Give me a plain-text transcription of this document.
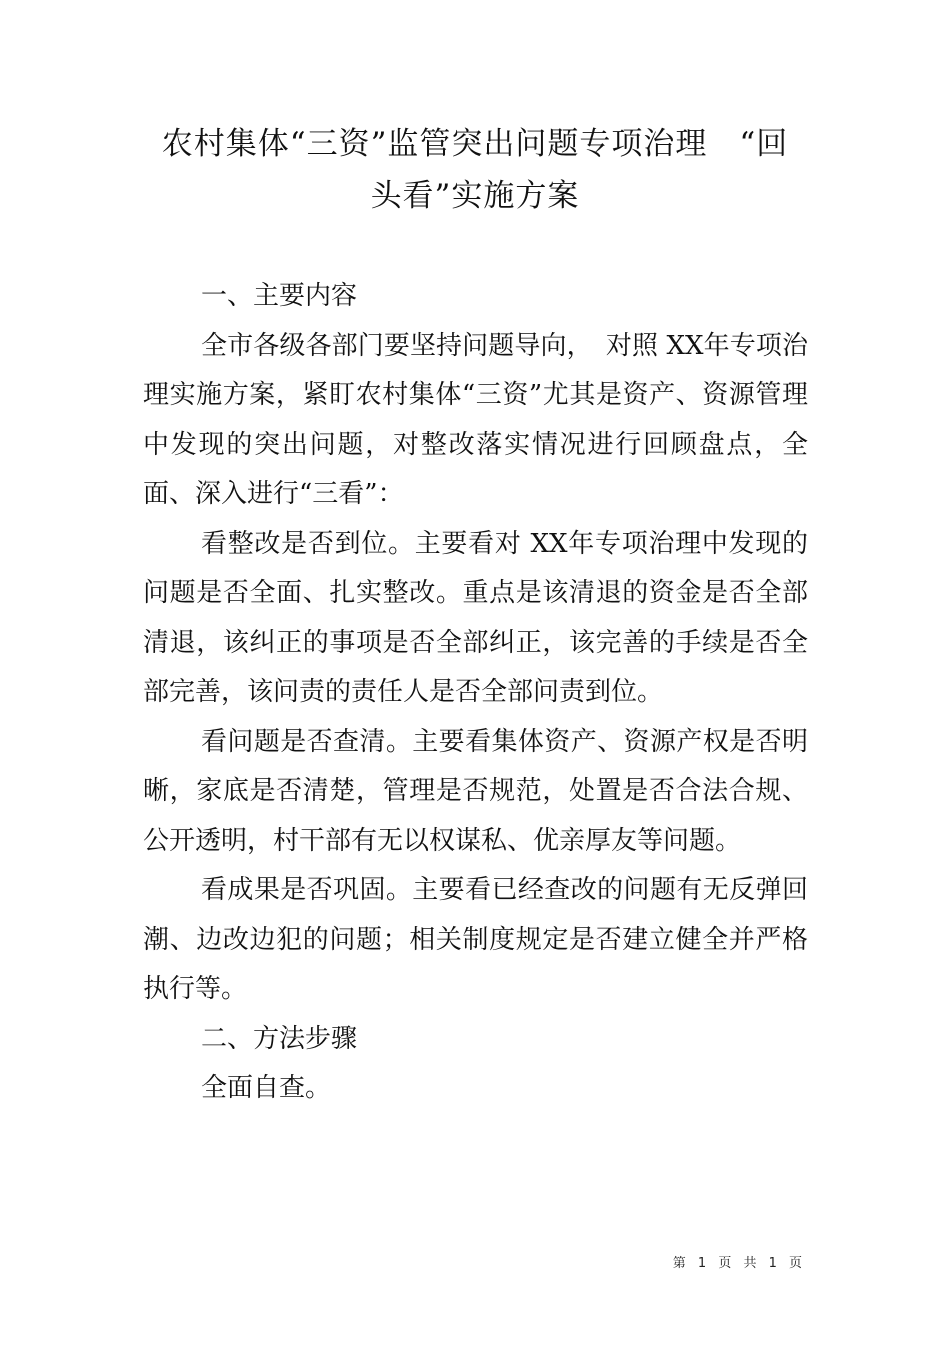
农村集体“三资”监管突出问题专项治理　“回
头看”实施方案

一、主要内容

全市各级各部门要坚持问题导向，　对照 XX年专项治理实施方案，紧盯农村集体“三资”尤其是资产、资源管理中发现的突出问题，对整改落实情况进行回顾盘点，全面、深入进行“三看”：

看整改是否到位。主要看对 XX年专项治理中发现的问题是否全面、扎实整改。重点是该清退的资金是否全部清退，该纠正的事项是否全部纠正，该完善的手续是否全部完善，该问责的责任人是否全部问责到位。

看问题是否查清。主要看集体资产、资源产权是否明晰，家底是否清楚，管理是否规范，处置是否合法合规、公开透明，村干部有无以权谋私、优亲厚友等问题。

看成果是否巩固。主要看已经查改的问题有无反弹回潮、边改边犯的问题；相关制度规定是否建立健全并严格执行等。

二、方法步骤

全面自查。

第 1 页 共 1 页
